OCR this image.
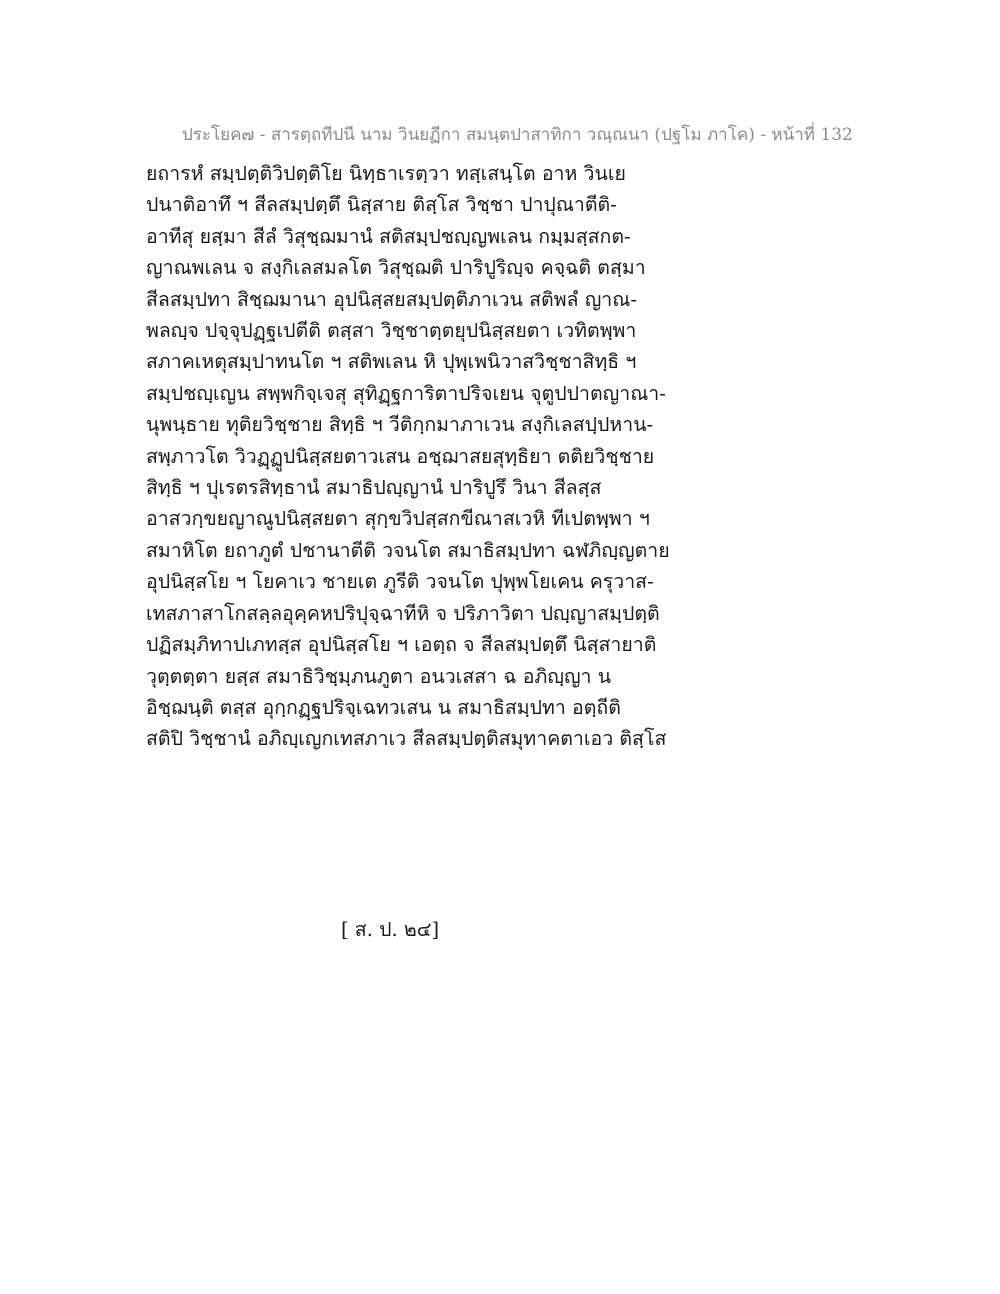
ประโยค๗ - สารตฺถทีปนี นาม วินยฏีกา สมนฺตปาสาทิกา วณฺณนา (ปฐโม ภาโค) - หน้าที่ 132
ยถารหํ สมฺปตฺติวิปตฺติโย นิทฺธาเรตฺวา ทสฺเสนฺโต อาห วินเย
ปนาติอาทึ ฯ สีลสมฺปตฺตึ นิสฺสาย ติสฺโส วิชฺชา ปาปุณาตีติ-
อาทีสุ ยสฺมา สีลํ วิสุชฺฌมานํ สติสมฺปชญฺญพเลน กมฺมสฺสกต-
ญาณพเลน จ สงฺกิเลสมลโต วิสุชฺฌติ ปาริปูริญฺจ คจฺฉติ ตสฺมา
สีลสมฺปทา สิชฺฌมานา อุปนิสฺสยสมฺปตฺติภาเวน สติพลํ ญาณ-
พลญฺจ ปจฺจุปฏฺฐเปตีติ ตสฺสา วิชฺชาตฺตยุปนิสฺสยตา เวทิตพฺพา
สภาคเหตุสมฺปาทนโต ฯ สติพเลน หิ ปุพฺเพนิวาสวิชฺชาสิทฺธิ ฯ
สมฺปชญฺเญน สพฺพกิจฺเจสุ สุทิฏฺฐการิตาปริจเยน จุตูปปาตญาณา-
นุพนฺธาย ทุติยวิชฺชาย สิทฺธิ ฯ วีติกฺกมาภาเวน สงฺกิเลสปฺปหาน-
สพฺภาวโต วิวฏฺฏูปนิสฺสยตาวเสน อชฺฌาสยสุทฺธิยา ตติยวิชฺชาย
สิทฺธิ ฯ ปุเรตรสิทฺธานํ สมาธิปญฺญานํ ปาริปูรึ วินา สีลสฺส
อาสวกฺขยญาณูปนิสฺสยตา สุกฺขวิปสฺสกขีณาสเวหิ ทีเปตพฺพา ฯ
สมาหิโต ยถาภูตํ ปชานาตีติ วจนโต สมาธิสมฺปทา ฉฬภิญฺญตาย
อุปนิสฺสโย ฯ โยคาเว ชายเต ภูรีติ วจนโต ปุพฺพโยเคน ครุวาส-
เทสภาสาโกสลฺลอุคฺคหปริปุจฺฉาทีหิ จ ปริภาวิตา ปญฺญาสมฺปตฺติ
ปฏิสมฺภิทาปเภทสฺส อุปนิสฺสโย ฯ เอตฺถ จ สีลสมฺปตฺตึ นิสฺสายาติ
วุตฺตตฺตา ยสฺส สมาธิวิชฺมฺภนภูตา อนวเสสา ฉ อภิญฺญา น
อิชฺฌนฺติ ตสฺส อุกฺกฏฺฐปริจฺเฉทวเสน น สมาธิสมฺปทา อตฺถีติ
สติปิ วิชฺชานํ อภิญฺเญกเทสภาเว สีลสมฺปตฺติสมุทาคตาเอว ติสฺโส
[ ส. ป. ๒๔]
